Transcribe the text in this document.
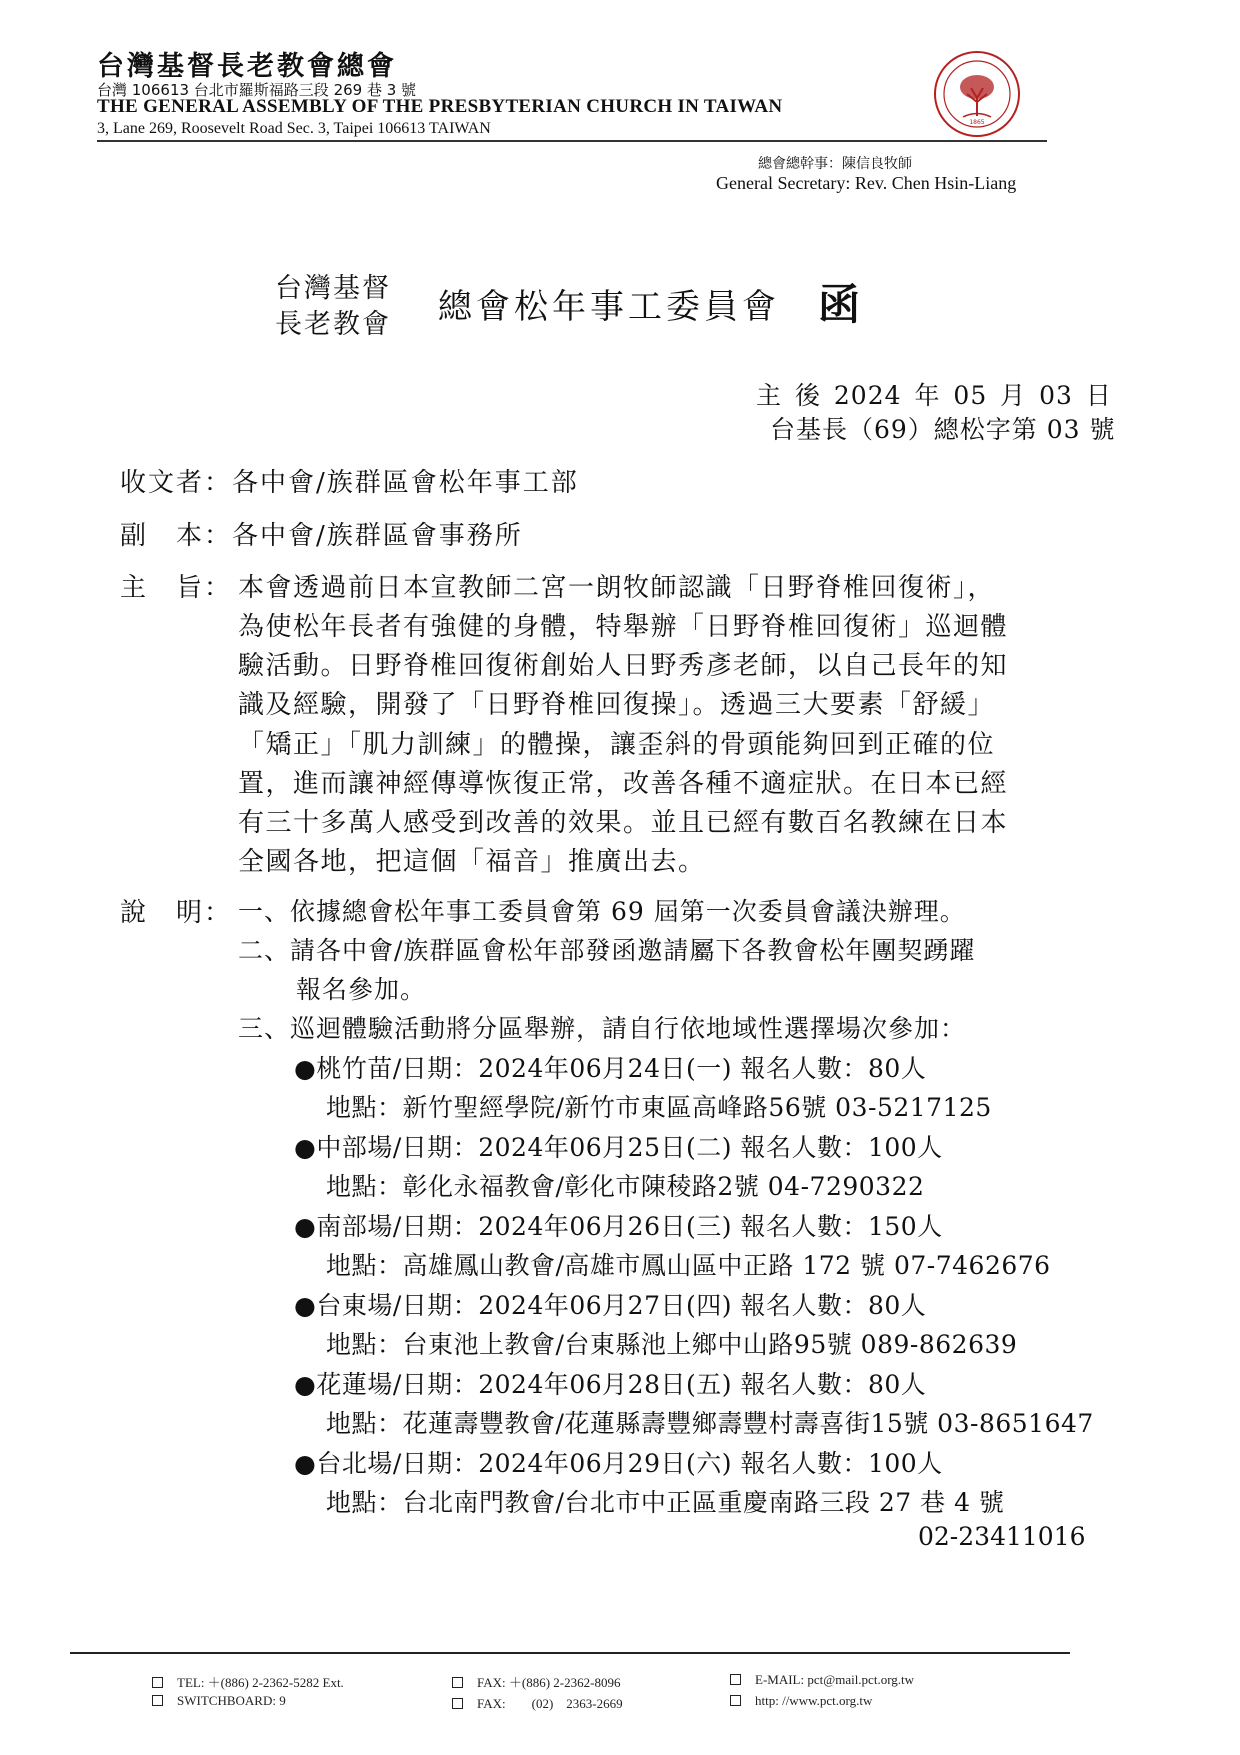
台灣基督長老教會總會
台灣 106613 台北市羅斯福路三段 269 巷 3 號
THE GENERAL ASSEMBLY OF THE PRESBYTERIAN CHURCH IN TAIWAN
3, Lane 269, Roosevelt Road Sec. 3, Taipei 106613 TAIWAN	1865
總會總幹事：陳信良牧師
General Secretary: Rev. Chen Hsin-Liang
台灣基督
長老教會 總會松年事工委員會 函
主 後 2024 年 05 月 03 日
台基長（69）總松字第 03 號
收文者：各中會/族群區會松年事工部
副　本：各中會/族群區會事務所
主　旨： 本會透過前日本宣教師二宮一朗牧師認識「日野脊椎回復術」，
為使松年長者有強健的身體，特舉辦「日野脊椎回復術」巡迴體
驗活動。日野脊椎回復術創始人日野秀彥老師，以自己長年的知
識及經驗，開發了「日野脊椎回復操」。透過三大要素「舒緩」
「矯正」「肌力訓練」的體操，讓歪斜的骨頭能夠回到正確的位
置，進而讓神經傳導恢復正常，改善各種不適症狀。在日本已經
有三十多萬人感受到改善的效果。並且已經有數百名教練在日本
全國各地，把這個「福音」推廣出去。
說　明： 一、依據總會松年事工委員會第 69 屆第一次委員會議決辦理。
二、請各中會/族群區會松年部發函邀請屬下各教會松年團契踴躍
報名參加。
三、巡迴體驗活動將分區舉辦，請自行依地域性選擇場次參加：
●桃竹苗/日期：2024年06月24日(一) 報名人數：80人
地點：新竹聖經學院/新竹市東區高峰路56號 03-5217125
●中部場/日期：2024年06月25日(二) 報名人數：100人
地點：彰化永福教會/彰化市陳稜路2號 04-7290322
●南部場/日期：2024年06月26日(三) 報名人數：150人
地點：高雄鳳山教會/高雄市鳳山區中正路 172 號 07-7462676
●台東場/日期：2024年06月27日(四) 報名人數：80人
地點：台東池上教會/台東縣池上鄉中山路95號 089-862639
●花蓮場/日期：2024年06月28日(五) 報名人數：80人
地點：花蓮壽豐教會/花蓮縣壽豐鄉壽豐村壽喜街15號 03-8651647
●台北場/日期：2024年06月29日(六) 報名人數：100人
地點：台北南門教會/台北市中正區重慶南路三段 27 巷 4 號
02-23411016
TEL: ＋(886) 2-2362-5282 Ext.
SWITCHBOARD: 9
FAX: ＋(886) 2-2362-8096
FAX:　　(02)　2363-2669
E-MAIL: pct@mail.pct.org.tw
http: //www.pct.org.tw
